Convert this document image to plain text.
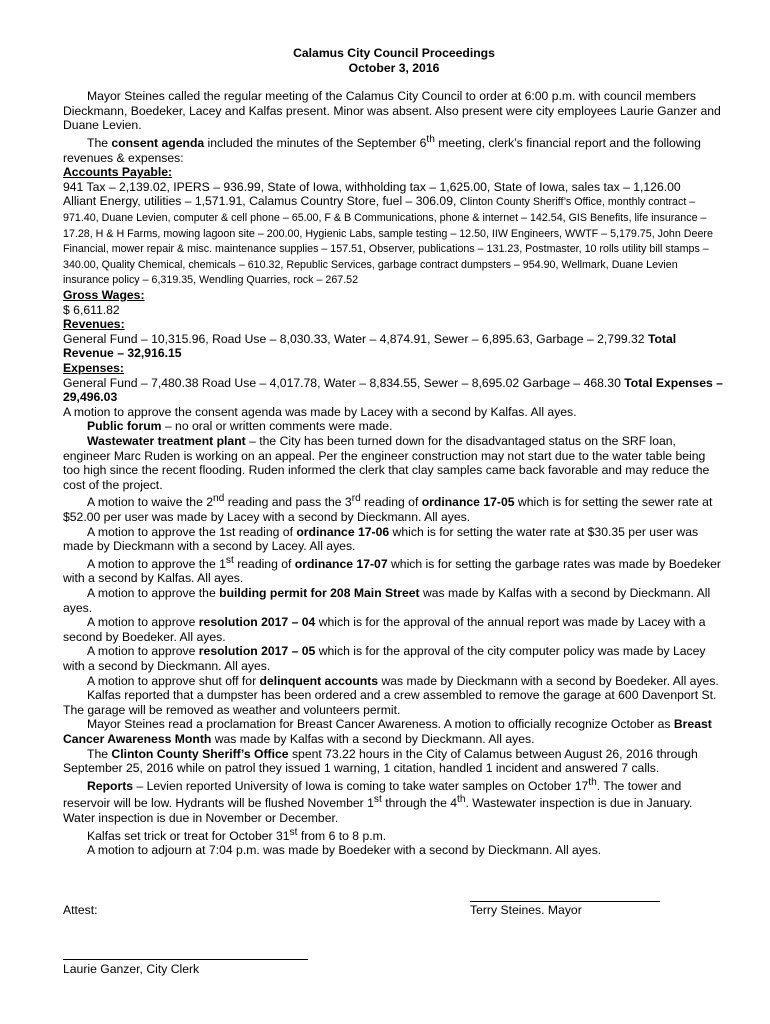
Calamus City Council Proceedings
October 3, 2016

Mayor Steines called the regular meeting of the Calamus City Council to order at 6:00 p.m. with council members Dieckmann, Boedeker, Lacey and Kalfas present. Minor was absent. Also present were city employees Laurie Ganzer and Duane Levien.

The consent agenda included the minutes of the September 6th meeting, clerk’s financial report and the following revenues & expenses:

Accounts Payable:
941 Tax – 2,139.02, IPERS – 936.99, State of Iowa, withholding tax – 1,625.00, State of Iowa, sales tax – 1,126.00
Alliant Energy, utilities – 1,571.91, Calamus Country Store, fuel – 306.09, Clinton County Sheriff’s Office, monthly contract – 971.40, Duane Levien, computer & cell phone – 65.00, F & B Communications, phone & internet – 142.54, GIS Benefits, life insurance – 17.28, H & H Farms, mowing lagoon site – 200.00, Hygienic Labs, sample testing – 12.50, IIW Engineers, WWTF – 5,179.75, John Deere Financial, mower repair & misc. maintenance supplies – 157.51, Observer, publications – 131.23, Postmaster, 10 rolls utility bill stamps – 340.00, Quality Chemical, chemicals – 610.32, Republic Services, garbage contract dumpsters – 954.90, Wellmark, Duane Levien insurance policy – 6,319.35, Wendling Quarries, rock – 267.52
Gross Wages:
$ 6,611.82
Revenues:
General Fund – 10,315.96, Road Use – 8,030.33, Water – 4,874.91, Sewer – 6,895.63, Garbage – 2,799.32 Total Revenue – 32,916.15
Expenses:
General Fund – 7,480.38 Road Use – 4,017.78, Water – 8,834.55, Sewer – 8,695.02 Garbage – 468.30 Total Expenses – 29,496.03
A motion to approve the consent agenda was made by Lacey with a second by Kalfas. All ayes.
Public forum – no oral or written comments were made.

Wastewater treatment plant – the City has been turned down for the disadvantaged status on the SRF loan, engineer Marc Ruden is working on an appeal. Per the engineer construction may not start due to the water table being too high since the recent flooding. Ruden informed the clerk that clay samples came back favorable and may reduce the cost of the project.

A motion to waive the 2nd reading and pass the 3rd reading of ordinance 17-05 which is for setting the sewer rate at $52.00 per user was made by Lacey with a second by Dieckmann. All ayes.

A motion to approve the 1st reading of ordinance 17-06 which is for setting the water rate at $30.35 per user was made by Dieckmann with a second by Lacey. All ayes.

A motion to approve the 1st reading of ordinance 17-07 which is for setting the garbage rates was made by Boedeker with a second by Kalfas. All ayes.

A motion to approve the building permit for 208 Main Street was made by Kalfas with a second by Dieckmann. All ayes.

A motion to approve resolution 2017 – 04 which is for the approval of the annual report was made by Lacey with a second by Boedeker. All ayes.

A motion to approve resolution 2017 – 05 which is for the approval of the city computer policy was made by Lacey with a second by Dieckmann. All ayes.

A motion to approve shut off for delinquent accounts was made by Dieckmann with a second by Boedeker. All ayes.

Kalfas reported that a dumpster has been ordered and a crew assembled to remove the garage at 600 Davenport St. The garage will be removed as weather and volunteers permit.

Mayor Steines read a proclamation for Breast Cancer Awareness. A motion to officially recognize October as Breast Cancer Awareness Month was made by Kalfas with a second by Dieckmann. All ayes.

The Clinton County Sheriff’s Office spent 73.22 hours in the City of Calamus between August 26, 2016 through September 25, 2016 while on patrol they issued 1 warning, 1 citation, handled 1 incident and answered 7 calls.

Reports – Levien reported University of Iowa is coming to take water samples on October 17th. The tower and reservoir will be low. Hydrants will be flushed November 1st through the 4th. Wastewater inspection is due in January. Water inspection is due in November or December.

Kalfas set trick or treat for October 31st from 6 to 8 p.m.

A motion to adjourn at 7:04 p.m. was made by Boedeker with a second by Dieckmann. All ayes.

Attest:	Terry Steines. Mayor
Laurie Ganzer, City Clerk
